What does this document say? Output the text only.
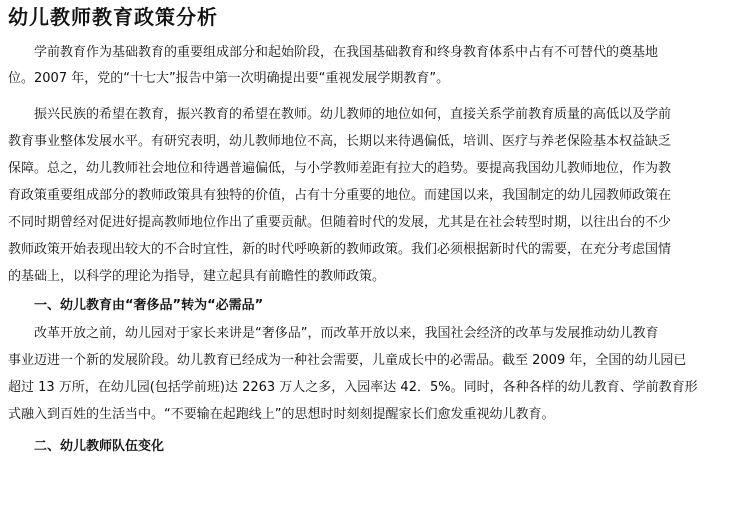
幼儿教师教育政策分析
　　学前教育作为基础教育的重要组成部分和起始阶段，在我国基础教育和终身教育体系中占有不可替代的奠基地
位。2007 年，党的“十七大”报告中第一次明确提出要“重视发展学期教育”。
　　振兴民族的希望在教育，振兴教育的希望在教师。幼儿教师的地位如何，直接关系学前教育质量的高低以及学前
教育事业整体发展水平。有研究表明，幼儿教师地位不高，长期以来待遇偏低，培训、医疗与养老保险基本权益缺乏
保障。总之，幼儿教师社会地位和待遇普遍偏低，与小学教师差距有拉大的趋势。要提高我国幼儿教师地位，作为教
育政策重要组成部分的教师政策具有独特的价值，占有十分重要的地位。而建国以来，我国制定的幼儿园教师政策在
不同时期曾经对促进好提高教师地位作出了重要贡献。但随着时代的发展，尤其是在社会转型时期，以往出台的不少
教师政策开始表现出较大的不合时宜性，新的时代呼唤新的教师政策。我们必须根据新时代的需要，在充分考虑国情
的基础上，以科学的理论为指导，建立起具有前瞻性的教师政策。
　　一、幼儿教育由“奢侈品”转为“必需品”
　　改革开放之前，幼儿园对于家长来讲是“奢侈品”，而改革开放以来，我国社会经济的改革与发展推动幼儿教育
事业迈进一个新的发展阶段。幼儿教育已经成为一种社会需要，儿童成长中的必需品。截至 2009 年，全国的幼儿园已
超过 13 万所，在幼儿园(包括学前班)达 2263 万人之多，入园率达 42．5%。同时，各种各样的幼儿教育、学前教育形
式融入到百姓的生活当中。“不要输在起跑线上”的思想时时刻刻提醒家长们愈发重视幼儿教育。
　　二、幼儿教师队伍变化
